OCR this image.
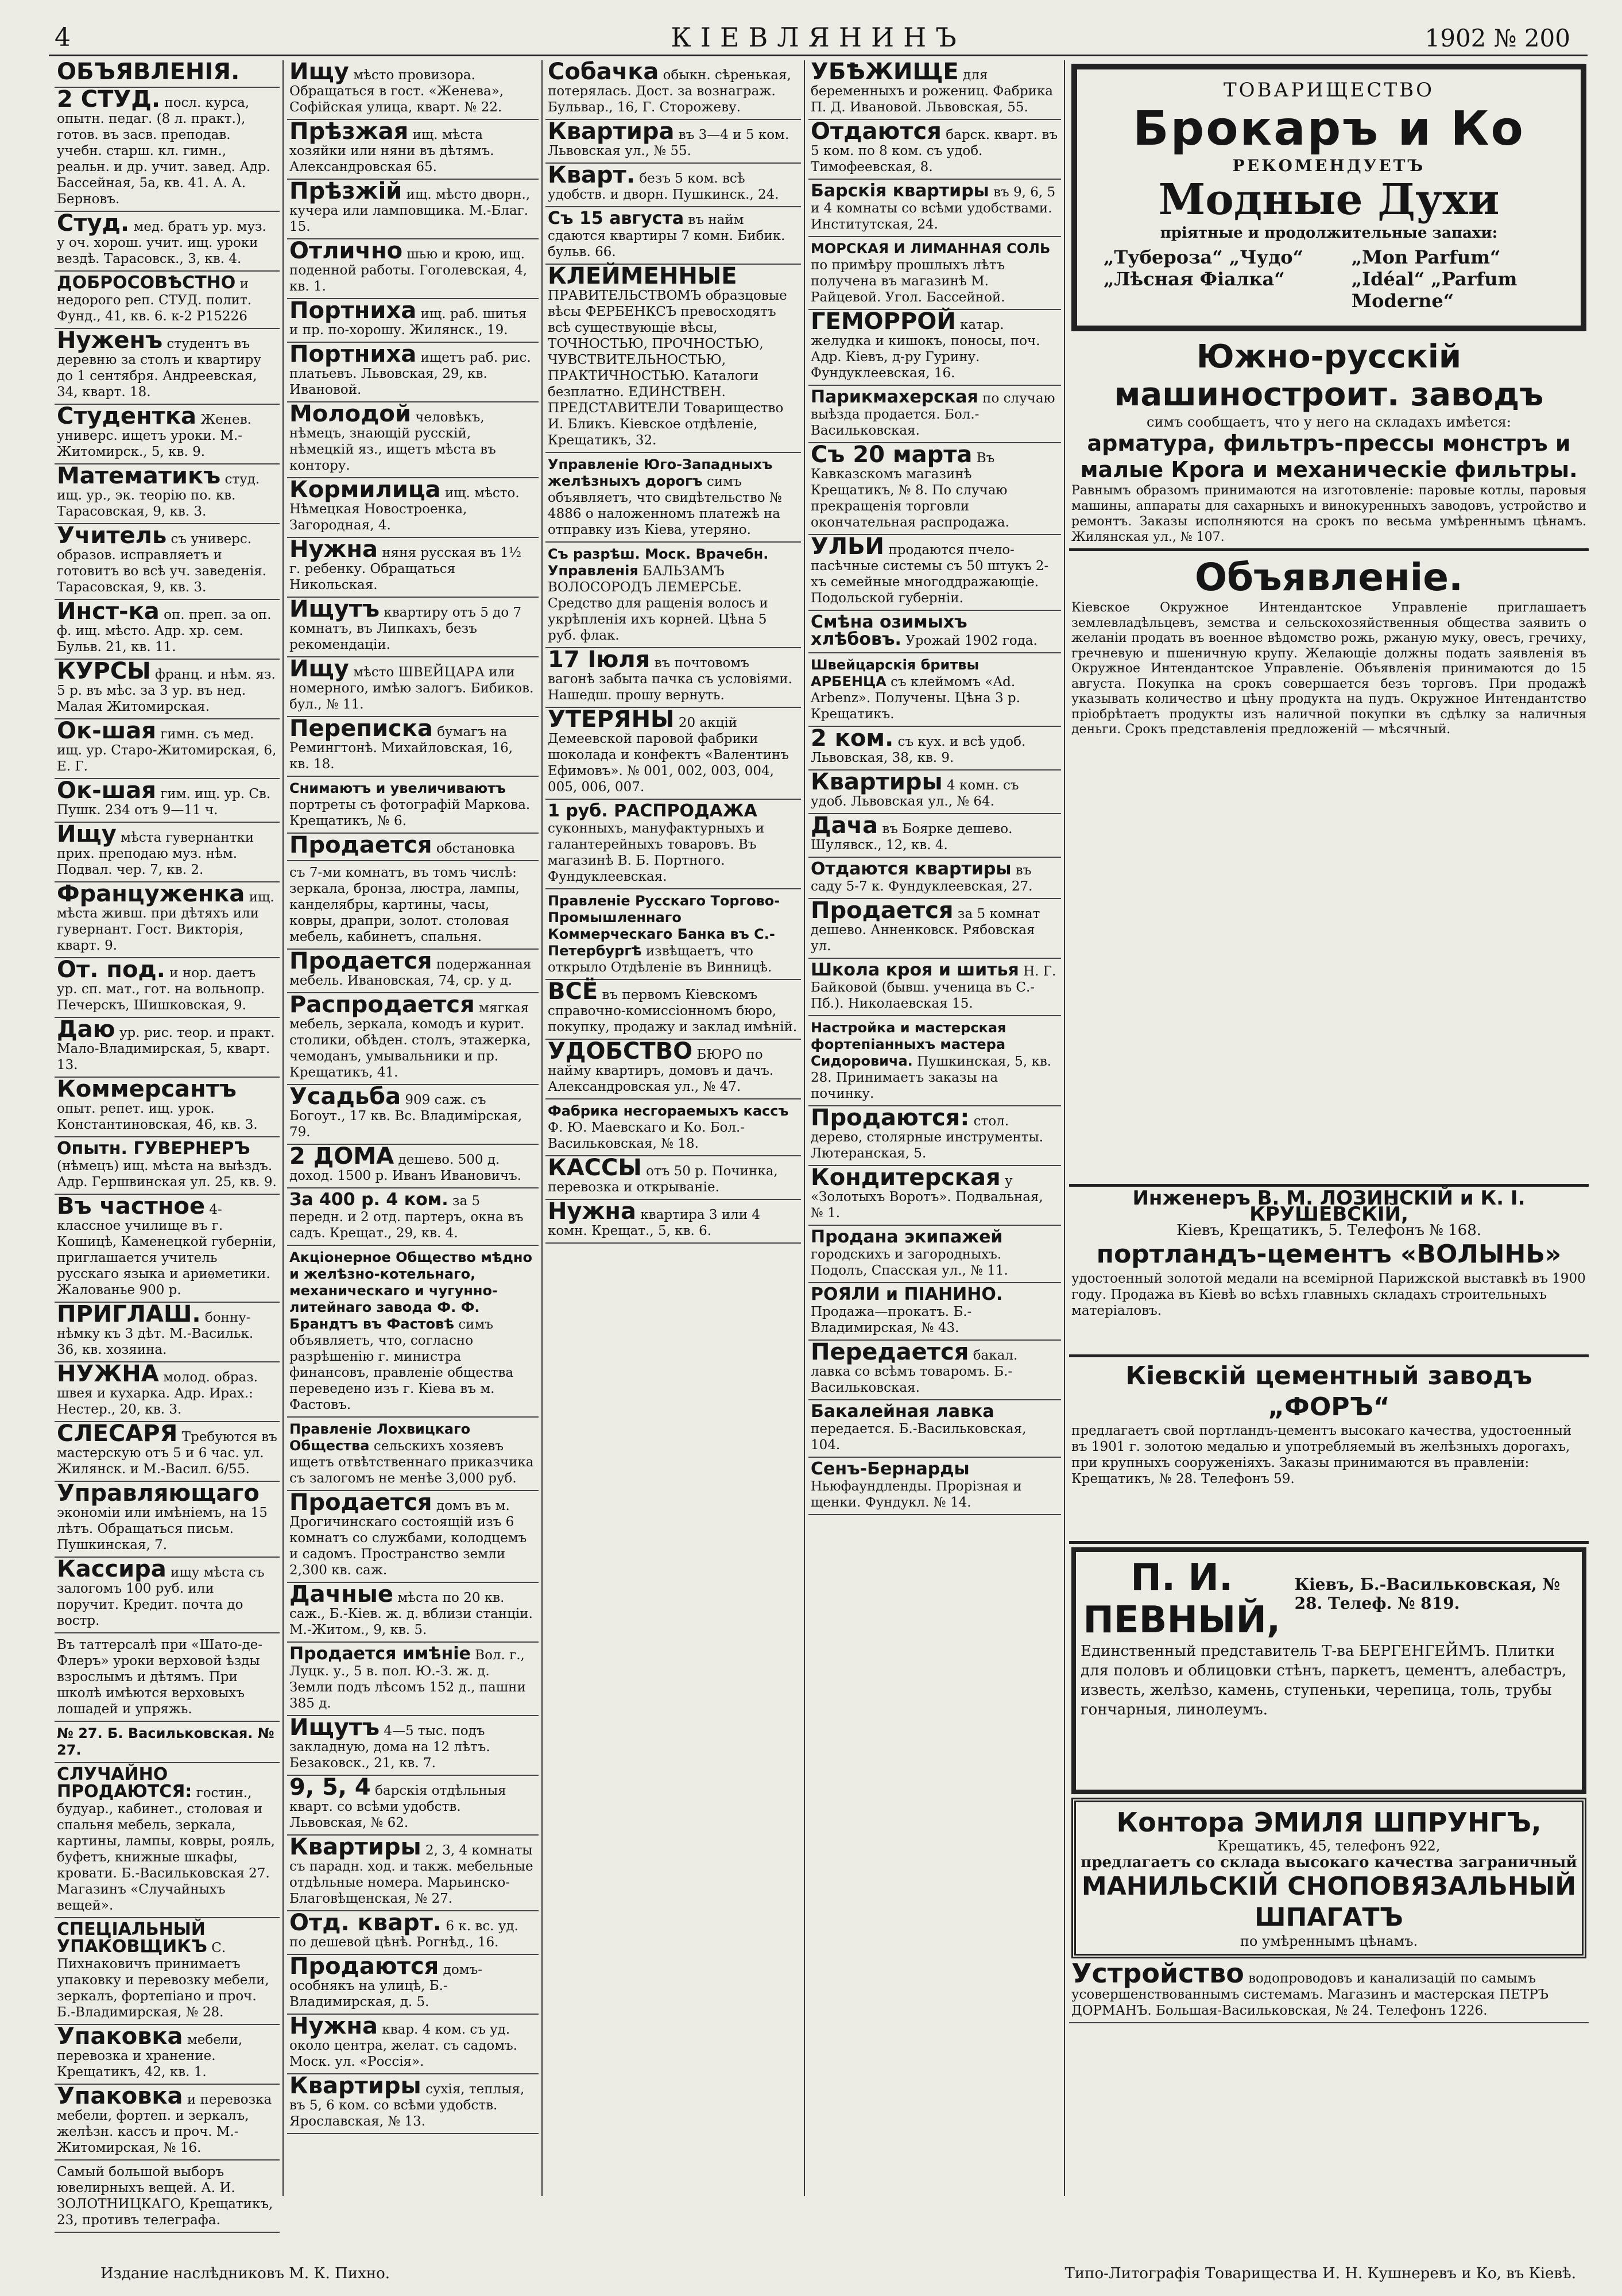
4	КІЕВЛЯНИНЪ	1902 № 200
ОБЪЯВЛЕНІЯ.
2 СТУД. посл. курса, опытн. педаг. (8 л. практ.), готов. въ засв. преподав. учебн. старш. кл. гимн., реальн. и др. учит. завед. Адр. Бассейная, 5а, кв. 41. А. А. Берновъ.
Студ. мед. братъ ур. муз. у оч. хорош. учит. ищ. уроки вездѣ. Тарасовск., 3, кв. 4.
ДОБРОСОВѢСТНО и недорого реп. СТУД. полит. Фунд., 41, кв. 6. к-2 Р15226
Нуженъ студентъ въ деревню за столъ и квартиру до 1 сентября. Андреевская, 34, кварт. 18.
Студентка Женев. универс. ищетъ уроки. М.-Житомирск., 5, кв. 9.
Математикъ студ. ищ. ур., эк. теорію по. кв. Тарасовская, 9, кв. 3.
Учитель съ универс. образов. исправляетъ и готовитъ во всѣ уч. заведенія. Тарасовская, 9, кв. 3.
Инст-ка оп. преп. за оп. ф. ищ. мѣсто. Адр. хр. сем. Бульв. 21, кв. 11.
КУРСЫ франц. и нѣм. яз. 5 р. въ мѣс. за 3 ур. въ нед. Малая Житомирская.
Ок-шая гимн. съ мед. ищ. ур. Старо-Житомирская, 6, Е. Г.
Ок-шая гим. ищ. ур. Св. Пушк. 234 отъ 9—11 ч.
Ищу мѣста гувернантки прих. преподаю муз. нѣм. Подвал. чер. 7, кв. 2.
Француженка ищ. мѣста живш. при дѣтяхъ или гувернант. Гост. Викторія, кварт. 9.
От. под. и нор. даетъ ур. сп. мат., гот. на вольнопр. Печерскъ, Шишковская, 9.
Даю ур. рис. теор. и практ. Мало-Владимирская, 5, кварт. 13.
Коммерсантъ опыт. репет. ищ. урок. Константиновская, 46, кв. 3.
Опытн. ГУВЕРНЕРЪ (нѣмецъ) ищ. мѣста на выѣздъ. Адр. Гершвинская ул. 25, кв. 9.
Въ частное 4-классное училище въ г. Кошицѣ, Каменецкой губерніи, приглашается учитель русскаго языка и ариѳметики. Жалованье 900 р.
ПРИГЛАШ. бонну-нѣмку къ 3 дѣт. М.-Васильк. 36, кв. хозяина.
НУЖНА молод. образ. швея и кухарка. Адр. Ирах.: Нестер., 20, кв. 3.
СЛЕСАРЯ Требуются въ мастерскую отъ 5 и 6 час. ул. Жилянск. и М.-Васил. 6/55.
Управляющаго экономіи или имѣніемъ, на 15 лѣтъ. Обращаться письм. Пушкинская, 7.
Кассира ищу мѣста съ залогомъ 100 руб. или поручит. Кредит. почта до востр.
Въ таттерсалѣ при «Шато-де-Флеръ» уроки верховой ѣзды взрослымъ и дѣтямъ. При школѣ имѣются верховыхъ лошадей и упряжь.
№ 27. Б. Васильковская. № 27.
СЛУЧАЙНО ПРОДАЮТСЯ: гостин., будуар., кабинет., столовая и спальня мебель, зеркала, картины, лампы, ковры, рояль, буфетъ, книжные шкафы, кровати. Б.-Васильковская 27. Магазинъ «Случайныхъ вещей».
СПЕЦІАЛЬНЫЙ УПАКОВЩИКЪ С. Пихнаковичъ принимаетъ упаковку и перевозку мебели, зеркалъ, фортепіано и проч. Б.-Владимирская, № 28.
Упаковка мебели, перевозка и хранение. Крещатикъ, 42, кв. 1.
Упаковка и перевозка мебели, фортеп. и зеркалъ, желѣзн. кассъ и проч. М.-Житомирская, № 16.
Самый большой выборъ ювелирныхъ вещей. А. И. ЗОЛОТНИЦКАГО, Крещатикъ, 23, противъ телеграфа.
Ищу мѣсто провизора. Обращаться в гост. «Женева», Софійская улица, кварт. № 22.
Прѣзжая ищ. мѣста хозяйки или няни въ дѣтямъ. Александровская 65.
Прѣзжій ищ. мѣсто дворн., кучера или ламповщика. М.-Благ. 15.
Отлично шью и крою, ищ. поденной работы. Гоголевская, 4, кв. 1.
Портниха ищ. раб. шитья и пр. по-хорошу. Жилянск., 19.
Портниха ищетъ раб. рис. платьевъ. Львовская, 29, кв. Ивановой.
Молодой человѣкъ, нѣмецъ, знающій русскій, нѣмецкій яз., ищетъ мѣста въ контору.
Кормилица ищ. мѣсто. Нѣмецкая Новостроенка, Загородная, 4.
Нужна няня русская въ 1½ г. ребенку. Обращаться Никольская.
Ищутъ квартиру отъ 5 до 7 комнатъ, въ Липкахъ, безъ рекомендаціи.
Ищу мѣсто ШВЕЙЦАРА или номерного, имѣю залогъ. Бибиков. бул., № 11.
Переписка бумагъ на Ремингтонѣ. Михайловская, 16, кв. 18.
Снимаютъ и увеличиваютъ портреты съ фотографій Маркова. Крещатикъ, № 6.
Продается обстановка
съ 7-ми комнатъ, въ томъ числѣ: зеркала, бронза, люстра, лампы, канделябры, картины, часы, ковры, драпри, золот. столовая мебель, кабинетъ, спальня.
Продается подержанная мебель. Ивановская, 74, ср. у д.
Распродается мягкая мебель, зеркала, комодъ и курит. столики, обѣден. столъ, этажерка, чемоданъ, умывальники и пр. Крещатикъ, 41.
Усадьба 909 саж. съ Богоут., 17 кв. Вс. Владимірская, 79.
2 ДОМА дешево. 500 д. доход. 1500 р. Иванъ Ивановичъ.
За 400 р. 4 ком. за 5 передн. и 2 отд. партеръ, окна въ садъ. Крещат., 29, кв. 4.
Акціонерное Общество мѣдно и желѣзно-котельнаго, механическаго и чугунно-литейнаго завода Ф. Ф. Брандтъ въ Фастовѣ симъ объявляетъ, что, согласно разрѣшенію г. министра финансовъ, правленіе общества переведено изъ г. Кіева въ м. Фастовъ.
Правленіе Лохвицкаго Общества сельскихъ хозяевъ ищетъ отвѣтственнаго приказчика съ залогомъ не менѣе 3,000 руб.
Продается домъ въ м. Дрогичинскаго состоящій изъ 6 комнатъ со службами, колодцемъ и садомъ. Пространство земли 2,300 кв. саж.
Дачные мѣста по 20 кв. саж., Б.-Кіев. ж. д. вблизи станціи. М.-Житом., 9, кв. 5.
Продается имѣніе Вол. г., Луцк. у., 5 в. пол. Ю.-З. ж. д. Земли подъ лѣсомъ 152 д., пашни 385 д.
Ищутъ 4—5 тыс. подъ закладную, дома на 12 лѣтъ. Безаковск., 21, кв. 7.
9, 5, 4 барскія отдѣльныя кварт. со всѣми удобств. Львовская, № 62.
Квартиры 2, 3, 4 комнаты съ парадн. ход. и такж. мебельные отдѣльные номера. Марьинско-Благовѣщенская, № 27.
Отд. кварт. 6 к. вс. уд. по дешевой цѣнѣ. Рогнѣд., 16.
Продаются домъ-особнякъ на улицѣ, Б.-Владимирская, д. 5.
Нужна квар. 4 ком. съ уд. около центра, желат. съ садомъ. Моск. ул. «Россія».
Квартиры сухія, теплыя, въ 5, 6 ком. со всѣми удобств. Ярославская, № 13.
Собачка обыкн. сѣренькая, потерялась. Дост. за вознаграж. Бульвар., 16, Г. Сторожеву.
Квартира въ 3—4 и 5 ком. Львовская ул., № 55.
Кварт. безъ 5 ком. всѣ удобств. и дворн. Пушкинск., 24.
Съ 15 августа въ найм сдаются квартиры 7 комн. Бибик. бульв. 66.
КЛЕЙМЕННЫЕ ПРАВИТЕЛЬСТВОМЪ образцовые вѣсы ФЕРБЕНКСЪ превосходятъ всѣ существующіе вѣсы, ТОЧНОСТЬЮ, ПРОЧНОСТЬЮ, ЧУВСТВИТЕЛЬНОСТЬЮ, ПРАКТИЧНОСТЬЮ. Каталоги безплатно. ЕДИНСТВЕН. ПРЕДСТАВИТЕЛИ Товарищество И. Бликъ. Кіевское отдѣленіе, Крещатикъ, 32.
Управленіе Юго-Западныхъ желѣзныхъ дорогъ симъ объявляетъ, что свидѣтельство № 4886 о наложенномъ платежѣ на отправку изъ Кіева, утеряно.
Съ разрѣш. Моск. Врачебн. Управленія БАЛЬЗАМЪ ВОЛОСОРОДЪ ЛЕМЕРСЬЕ. Средство для ращенія волосъ и укрѣпленія ихъ корней. Цѣна 5 руб. флак.
17 Іюля въ почтовомъ вагонѣ забыта пачка съ условіями. Нашедш. прошу вернуть.
УТЕРЯНЫ 20 акцій Демеевской паровой фабрики шоколада и конфектъ «Валентинъ Ефимовъ». № 001, 002, 003, 004, 005, 006, 007.
1 руб. РАСПРОДАЖА суконныхъ, мануфактурныхъ и галантерейныхъ товаровъ. Въ магазинѣ В. Б. Портного. Фундуклеевская.
Правленіе Русскаго Торгово-Промышленнаго Коммерческаго Банка въ С.-Петербургѣ извѣщаетъ, что открыло Отдѣленіе въ Винницѣ.
ВСЁ въ первомъ Кіевскомъ справочно-комиссіонномъ бюро, покупку, продажу и заклад имѣній.
УДОБСТВО БЮРО по найму квартиръ, домовъ и дачъ. Александровская ул., № 47.
Фабрика несгораемыхъ кассъ Ф. Ю. Маевскаго и Ко. Бол.-Васильковская, № 18.
КАССЫ отъ 50 р. Починка, перевозка и открываніе.
Нужна квартира 3 или 4 комн. Крещат., 5, кв. 6.
УБѢЖИЩЕ для беременныхъ и рожениц. Фабрика П. Д. Ивановой. Львовская, 55.
Отдаются барск. кварт. въ 5 ком. по 8 ком. съ удоб. Тимофеевская, 8.
Барскія квартиры въ 9, 6, 5 и 4 комнаты со всѣми удобствами. Институтская, 24.
МОРСКАЯ И ЛИМАННАЯ СОЛЬ по примѣру прошлыхъ лѣтъ получена въ магазинѣ М. Райцевой. Угол. Бассейной.
ГЕМОРРОЙ катар. желудка и кишокъ, поносы, поч. Адр. Кіевъ, д-ру Гурину. Фундуклеевская, 16.
Парикмахерская по случаю выѣзда продается. Бол.-Васильковская.
Съ 20 марта Въ Кавказскомъ магазинѣ Крещатикъ, № 8. По случаю прекращенія торговли окончательная распродажа.
УЛЬИ продаются пчело-пасѣчные системы съ 50 штукъ 2-хъ семейные многоддражающіе. Подольской губерніи.
Смѣна озимыхъ хлѣбовъ. Урожай 1902 года.
Швейцарскія бритвы АРБЕНЦА съ клеймомъ «Ad. Arbenz». Получены. Цѣна 3 р. Крещатикъ.
2 ком. съ кух. и всѣ удоб. Львовская, 38, кв. 9.
Квартиры 4 комн. съ удоб. Львовская ул., № 64.
Дача въ Боярке дешево. Шулявск., 12, кв. 4.
Отдаются квартиры въ саду 5-7 к. Фундуклеевская, 27.
Продается за 5 комнат дешево. Анненковск. Рябовская ул.
Школа кроя и шитья Н. Г. Байковой (бывш. ученица въ С.-Пб.). Николаевская 15.
Настройка и мастерская фортепіанныхъ мастера Сидоровича. Пушкинская, 5, кв. 28. Принимаетъ заказы на починку.
Продаются: стол. дерево, столярные инструменты. Лютеранская, 5.
Кондитерская у «Золотыхъ Воротъ». Подвальная, № 1.
Продана экипажей городскихъ и загородныхъ. Подолъ, Спасская ул., № 11.
РОЯЛИ и ПІАНИНО. Продажа—прокатъ. Б.-Владимирская, № 43.
Передается бакал. лавка со всѣмъ товаромъ. Б.-Васильковская.
Бакалейная лавка передается. Б.-Васильковская, 104.
Сенъ-Бернарды Ньюфаундленды. Прорізная и щенки. Фундукл. № 14.
ТОВАРИЩЕСТВО
Брокаръ и Ко
РЕКОМЕНДУЕТЪ
Модные Духи
пріятные и продолжительные запахи:
„Туберозa“ „Чудо“ „Лѣсная Фіалка“
„Mon Parfum“ „Idéal“ „Parfum Moderne“
Южно-русскій машиностроит. заводъ
симъ сообщаетъ, что у него на складахъ имѣется:
арматура, фильтръ-прессы монстръ и малые Кроrа и механическіе фильтры.
Равнымъ образомъ принимаются на изготовленіе: паровые котлы, паровыя машины, аппараты для сахарныхъ и винокуренныхъ заводовъ, устройство и ремонтъ. Заказы исполняются на срокъ по весьма умѣреннымъ цѣнамъ. Жилянская ул., № 107.
Объявленіе.
Кіевское Окружное Интендантское Управленіе приглашаетъ землевладѣльцевъ, земства и сельскохозяйственныя общества заявить о желаніи продать въ военное вѣдомство рожь, ржаную муку, овесъ, гречиху, гречневую и пшеничную крупу. Желающіе должны подать заявленія въ Окружное Интендантское Управленіе. Объявленія принимаются до 15 августа. Покупка на срокъ совершается безъ торговъ. При продажѣ указывать количество и цѣну продукта на пудъ. Окружное Интендантство пріобрѣтаетъ продукты изъ наличной покупки въ сдѣлку за наличныя деньги. Срокъ представленія предложеній — мѣсячный.
Инженеръ В. М. ЛОЗИНСКІЙ и К. І. КРУШЕВСКІЙ,
Кіевъ, Крещатикъ, 5. Телефонъ № 168.
портландъ-цементъ «ВОЛЫНЬ»
удостоенный золотой медали на всемірной Парижской выставкѣ въ 1900 году. Продажа въ Кіевѣ во всѣхъ главныхъ складахъ строительныхъ матеріаловъ.
Кіевскій цементный заводъ „ФОРЪ“
предлагаетъ свой портландъ-цементъ высокаго качества, удостоенный въ 1901 г. золотою медалью и употребляемый въ желѣзныхъ дорогахъ, при крупныхъ сооруженіяхъ. Заказы принимаются въ правленіи: Крещатикъ, № 28. Телефонъ 59.
П. И. ПЕВНЫЙ,
Кіевъ, Б.-Васильковская, № 28. Телеф. № 819.
Единственный представитель Т-ва БЕРГЕНГЕЙМЪ. Плитки для половъ и облицовки стѣнъ, паркетъ, цементъ, алебастръ, известь, желѣзо, камень, ступеньки, черепица, толь, трубы гончарныя, линолеумъ.
Контора ЭМИЛЯ ШПРУНГЪ,
Крещатикъ, 45, телефонъ 922,
предлагаетъ со склада высокаго качества заграничный
МАНИЛЬСКІЙ СНОПОВЯЗАЛЬНЫЙ ШПАГАТЪ
по умѣреннымъ цѣнамъ.
Устройство водопроводовъ и канализацій по самымъ усовершенствованнымъ системамъ. Магазинъ и мастерская ПЕТРЪ ДОРМАНЪ. Большая-Васильковская, № 24. Телефонъ 1226.
Издание наслѣдниковъ М. К. Пихно.	Типо-Литографія Товарищества И. Н. Кушнеревъ и Ко, въ Кіевѣ.
